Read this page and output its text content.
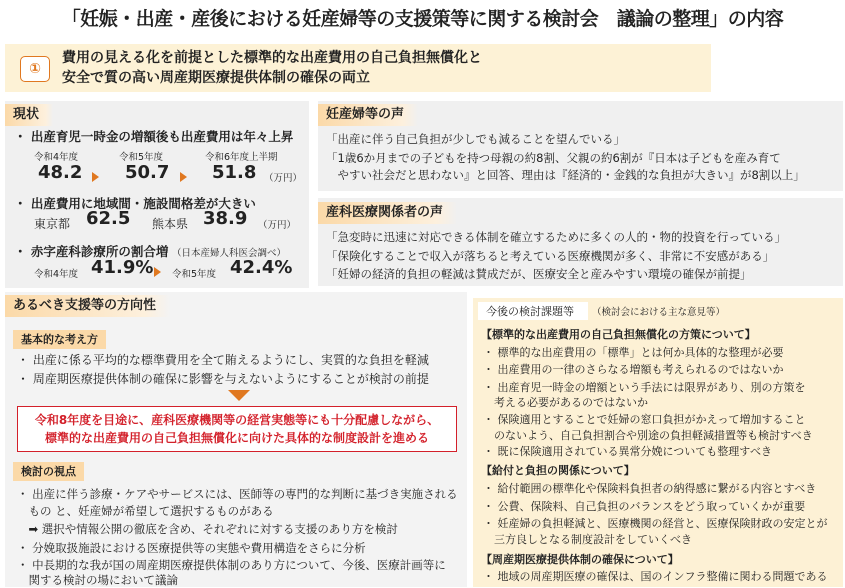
「妊娠・出産・産後における妊産婦等の支援策等に関する検討会　議論の整理」の内容
①
費用の見える化を前提とした標準的な出産費用の自己負担無償化と
安全で質の高い周産期医療提供体制の確保の両立
現状
・ 出産育児一時金の増額後も出産費用は年々上昇
令和4年度	令和5年度	令和6年度上半期
48.2 50.7 51.8 （万円）
・ 出産費用に地域間・施設間格差が大きい
東京都 62.5 熊本県 38.9 （万円）
・ 赤字産科診療所の割合増 （日本産婦人科医会調べ）
令和4年度 41.9% 令和5年度 42.4%
妊産婦等の声
「出産に伴う自己負担が少しでも減ることを望んでいる」
「1歳6か月までの子どもを持つ母親の約8割、父親の約6割が『日本は子どもを産み育て
　やすい社会だと思わない』と回答、理由は『経済的・金銭的な負担が大きい』が8割以上」
産科医療関係者の声
「急変時に迅速に対応できる体制を確立するために多くの人的・物的投資を行っている」
「保険化することで収入が落ちると考えている医療機関が多く、非常に不安感がある」
「妊婦の経済的負担の軽減は賛成だが、医療安全と産みやすい環境の確保が前提」
あるべき支援等の方向性
基本的な考え方
・ 出産に係る平均的な標準費用を全て賄えるようにし、実質的な負担を軽減
・ 周産期医療提供体制の確保に影響を与えないようにすることが検討の前提
令和8年度を目途に、産科医療機関等の経営実態等にも十分配慮しながら、
標準的な出産費用の自己負担無償化に向けた具体的な制度設計を進める
検討の視点
・ 出産に伴う診療・ケアやサービスには、医師等の専門的な判断に基づき実施される
　もの と、妊産婦が希望して選択するものがある
　➡ 選択や情報公開の徹底を含め、それぞれに対する支援のあり方を検討
・ 分娩取扱施設における医療提供等の実態や費用構造をさらに分析
・ 中長期的な我が国の周産期医療提供体制のあり方について、今後、医療計画等に
　関する検討の場において議論
今後の検討課題等 （検討会における主な意見等）
【標準的な出産費用の自己負担無償化の方策について】
・ 標準的な出産費用の「標準」とは何か具体的な整理が必要
・ 出産費用の一律のさらなる増額も考えられるのではないか
・ 出産育児一時金の増額という手法には限界があり、別の方策を
　考える必要があるのではないか
・ 保険適用とすることで妊婦の窓口負担がかえって増加すること
　のないよう、自己負担割合や別途の負担軽減措置等も検討すべき
・ 既に保険適用されている異常分娩についても整理すべき
【給付と負担の関係について】
・ 給付範囲の標準化や保険料負担者の納得感に繋がる内容とすべき
・ 公費、保険料、自己負担のバランスをどう取っていくかが重要
・ 妊産婦の負担軽減と、医療機関の経営と、医療保険財政の安定とが
　三方良しとなる制度設計をしていくべき
【周産期医療提供体制の確保について】
・ 地域の周産期医療の確保は、国のインフラ整備に関わる問題である
